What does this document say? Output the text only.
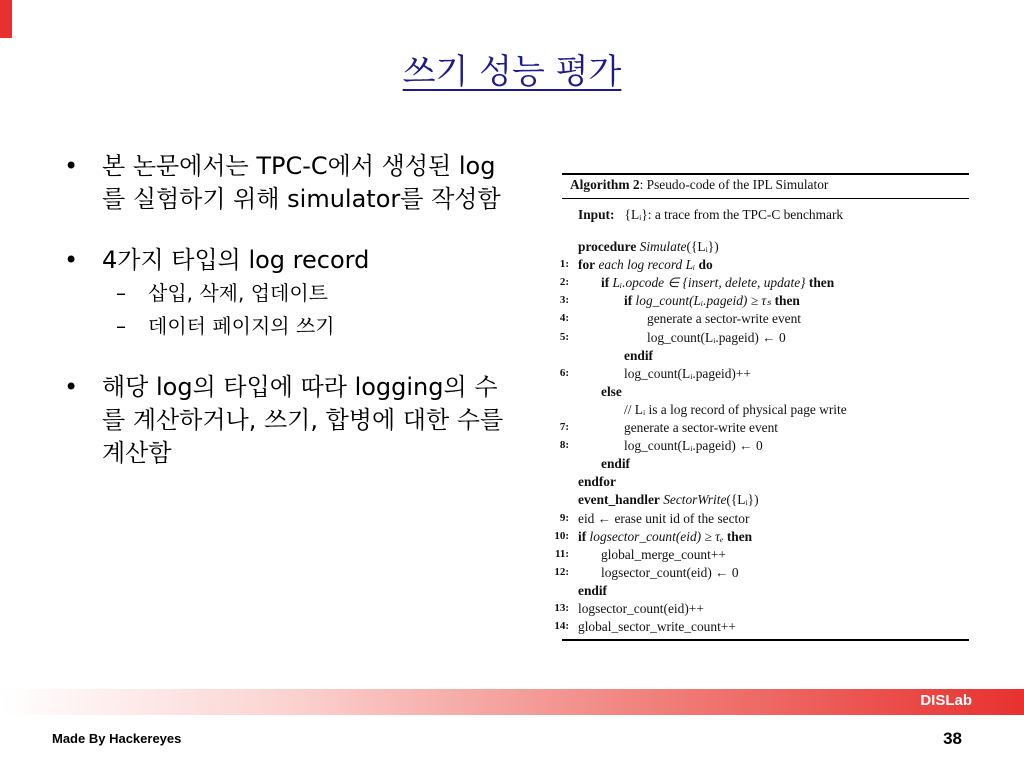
쓰기 성능 평가
• 본 논문에서는 TPC-C에서 생성된 log를 실험하기 위해 simulator를 작성함
• 4가지 타입의 log record
– 삽입, 삭제, 업데이트
– 데이터 페이지의 쓰기
• 해당 log의 타입에 따라 logging의 수를 계산하거나, 쓰기, 합병에 대한 수를 계산함
Algorithm 2: Pseudo-code of the IPL Simulator
Input: {Lᵢ}: a trace from the TPC-C benchmark
procedure Simulate({Lᵢ})
1: for each log record Lᵢ do
2: if Lᵢ.opcode ∈ {insert, delete, update} then
3:	if log_count(Lᵢ.pageid) ≥ τₛ then
4:	generate a sector-write event
5:	log_count(Lᵢ.pageid) ← 0
endif
6:	log_count(Lᵢ.pageid)++
else
// Lᵢ is a log record of physical page write
7:	generate a sector-write event
8:	log_count(Lᵢ.pageid) ← 0
endif
endfor
event_handler SectorWrite({Lᵢ})
9: eid ← erase unit id of the sector
10: if logsector_count(eid) ≥ τₑ then
11: global_merge_count++
12: logsector_count(eid) ← 0
endif
13: logsector_count(eid)++
14: global_sector_write_count++
DISLab
Made By Hackereyes	38
